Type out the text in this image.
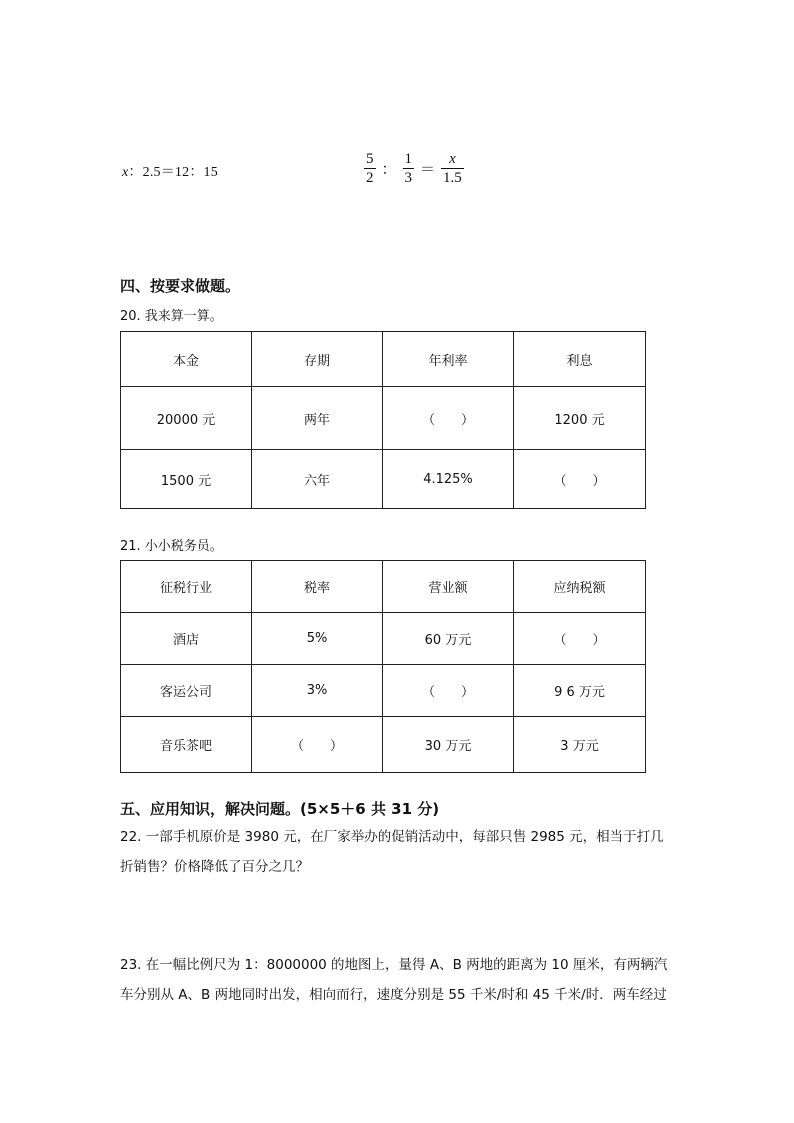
x：2.5＝12：15	$\frac{5}{2}$ ： $\frac{1}{3} = \frac{x}{1.5}$
四、按要求做题。
20. 我来算一算。
本金	存期	年利率	利息
20000 元	两年	（　　）	1200 元
1500 元	六年	4.125%	（　　）
21. 小小税务员。
征税行业	税率	营业额	应纳税额
酒店	5%	60 万元	（　　）
客运公司	3%	（　　）	9 6 万元
音乐茶吧	（　　）	30 万元	3 万元
五、应用知识，解决问题。(5×5＋6 共 31 分)
22. 一部手机原价是 3980 元，在厂家举办的促销活动中，每部只售 2985 元，相当于打几
折销售？价格降低了百分之几？
23. 在一幅比例尺为 1：8000000 的地图上，量得 A、B 两地的距离为 10 厘米，有两辆汽
车分别从 A、B 两地同时出发，相向而行，速度分别是 55 千米/时和 45 千米/时．两车经过
